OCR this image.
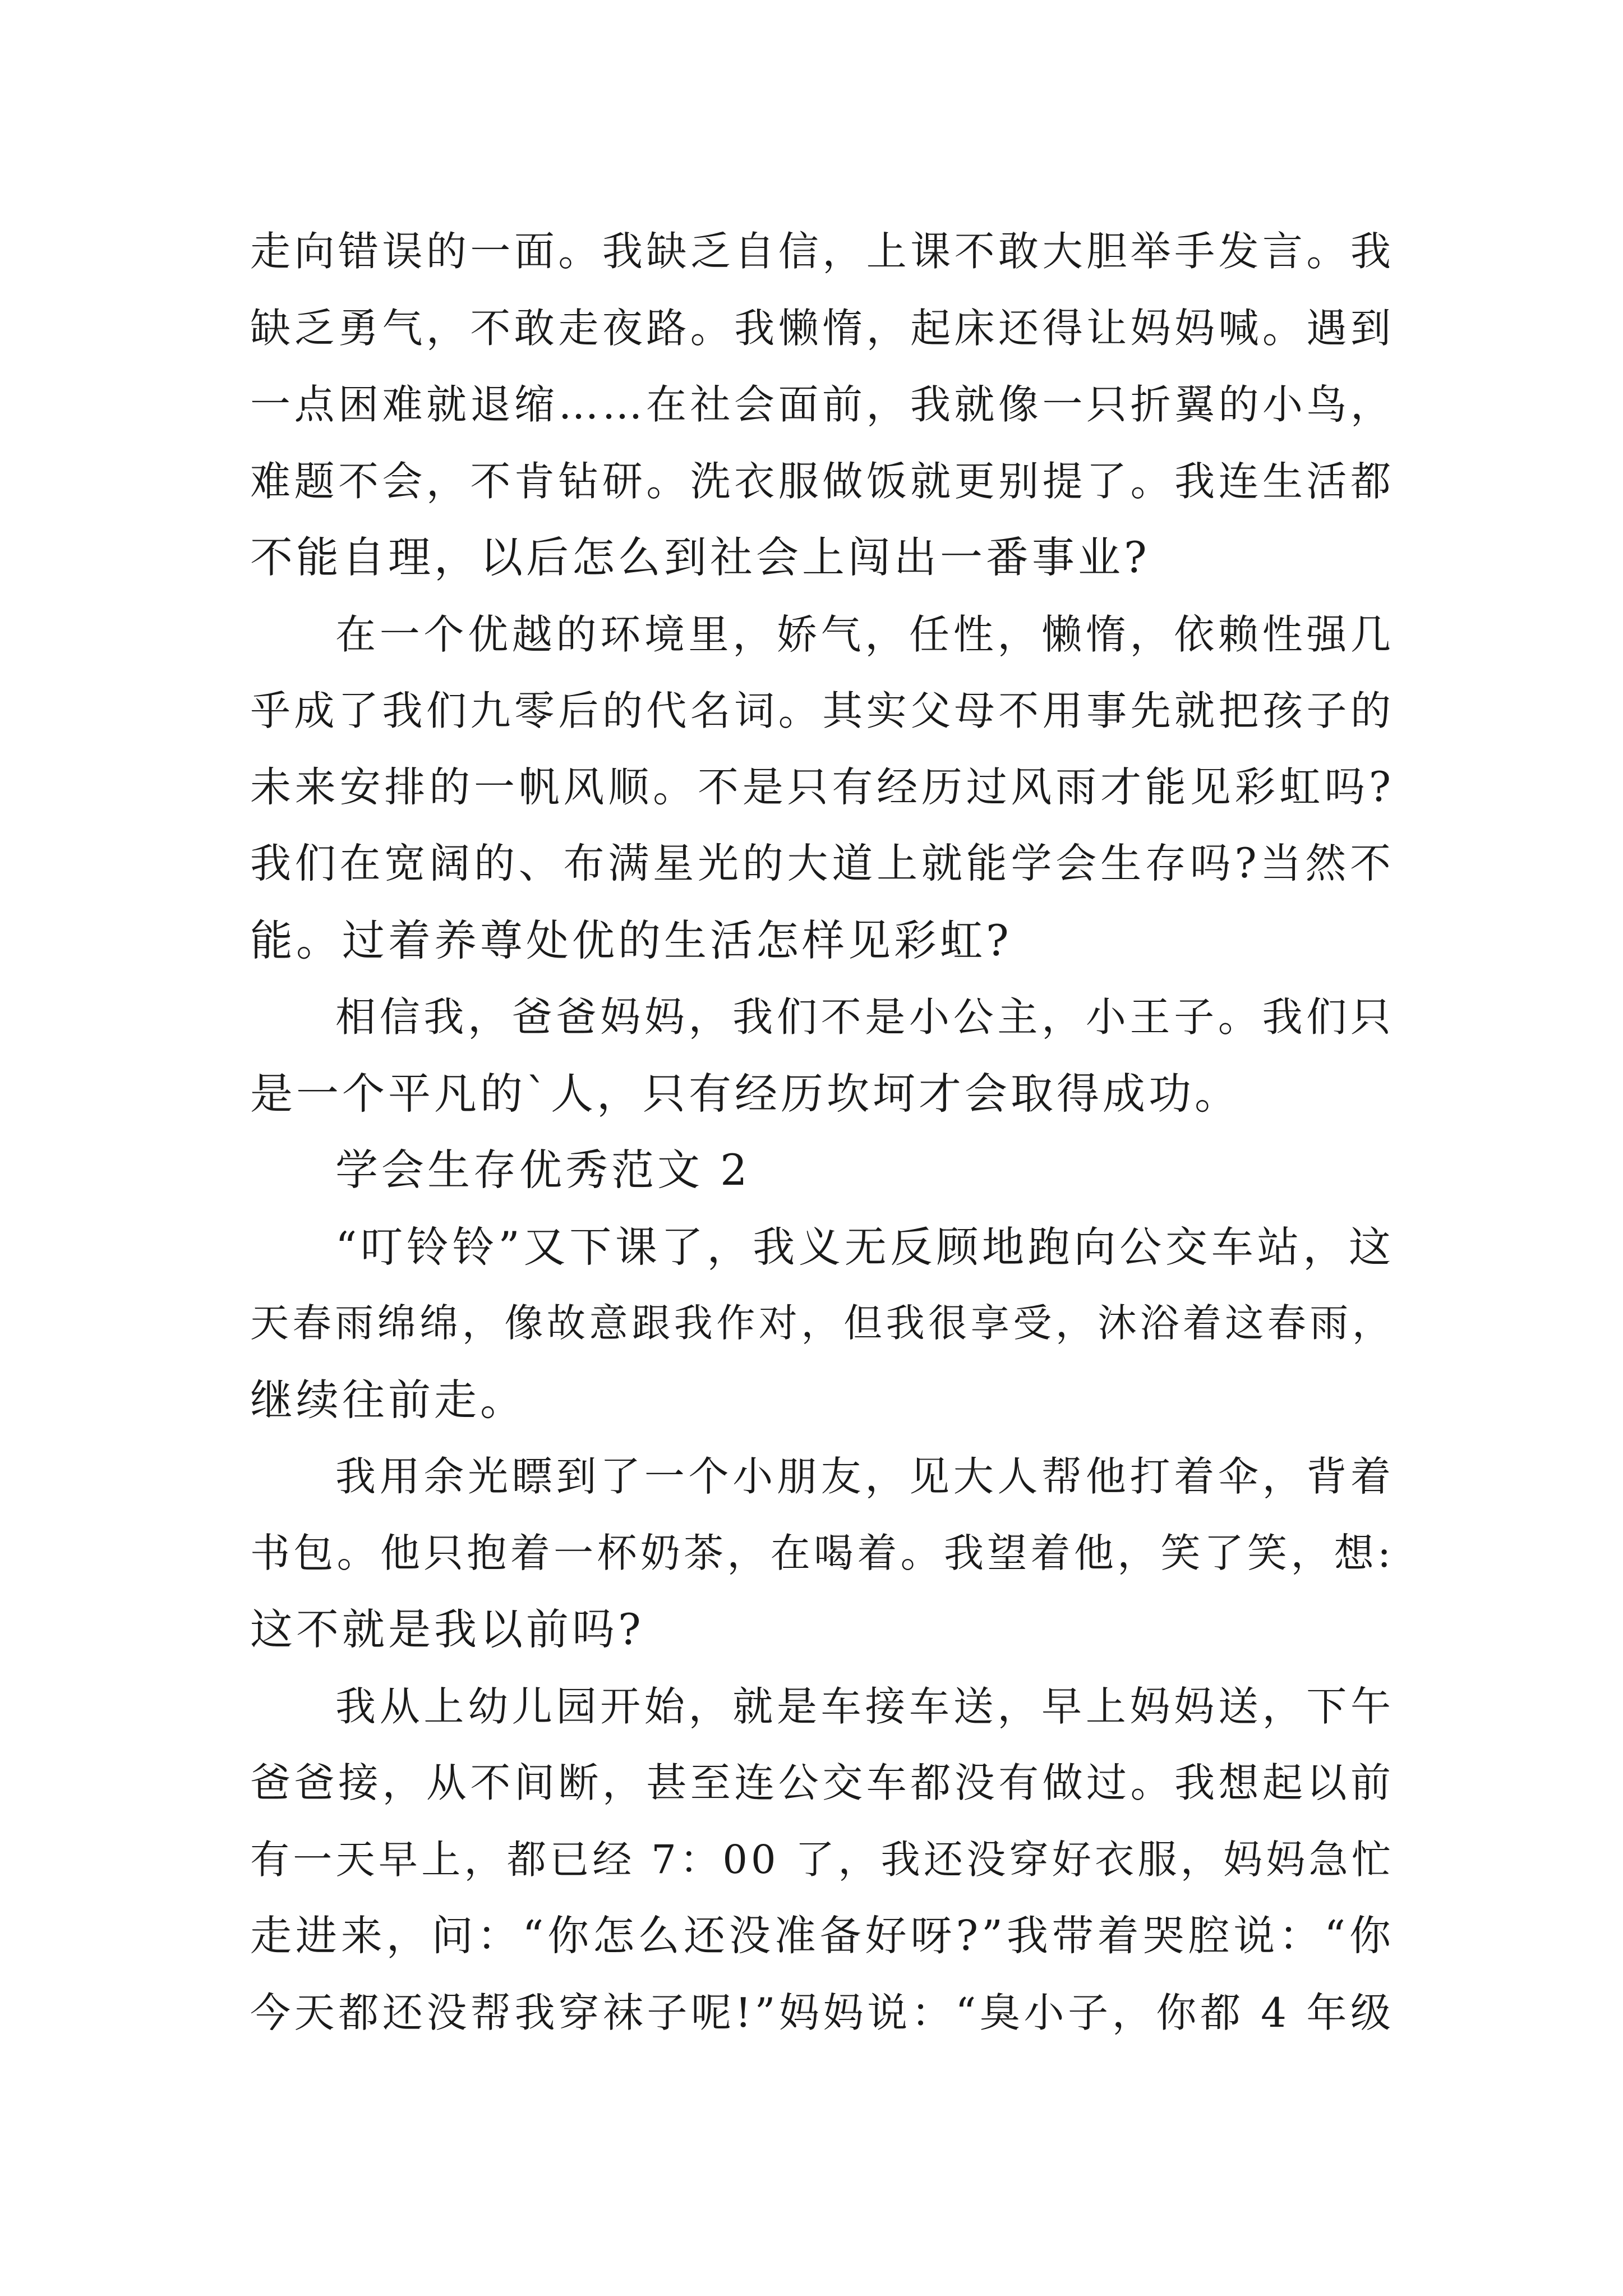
走向错误的一面。我缺乏自信，上课不敢大胆举手发言。我
缺乏勇气，不敢走夜路。我懒惰，起床还得让妈妈喊。遇到
一点困难就退缩……在社会面前，我就像一只折翼的小鸟，
难题不会，不肯钻研。洗衣服做饭就更别提了。我连生活都
不能自理，以后怎么到社会上闯出一番事业?
在一个优越的环境里，娇气，任性，懒惰，依赖性强几
乎成了我们九零后的代名词。其实父母不用事先就把孩子的
未来安排的一帆风顺。不是只有经历过风雨才能见彩虹吗?
我们在宽阔的、布满星光的大道上就能学会生存吗?当然不
能。过着养尊处优的生活怎样见彩虹?
相信我，爸爸妈妈，我们不是小公主，小王子。我们只
是一个平凡的`人，只有经历坎坷才会取得成功。
学会生存优秀范文 2
“叮铃铃”又下课了，我义无反顾地跑向公交车站，这
天春雨绵绵，像故意跟我作对，但我很享受，沐浴着这春雨，
继续往前走。
我用余光瞟到了一个小朋友，见大人帮他打着伞，背着
书包。他只抱着一杯奶茶，在喝着。我望着他，笑了笑，想:
这不就是我以前吗?
我从上幼儿园开始，就是车接车送，早上妈妈送，下午
爸爸接，从不间断，甚至连公交车都没有做过。我想起以前
有一天早上，都已经 7：00 了，我还没穿好衣服，妈妈急忙
走进来，问：“你怎么还没准备好呀?”我带着哭腔说：“你
今天都还没帮我穿袜子呢!”妈妈说：“臭小子，你都 4 年级
